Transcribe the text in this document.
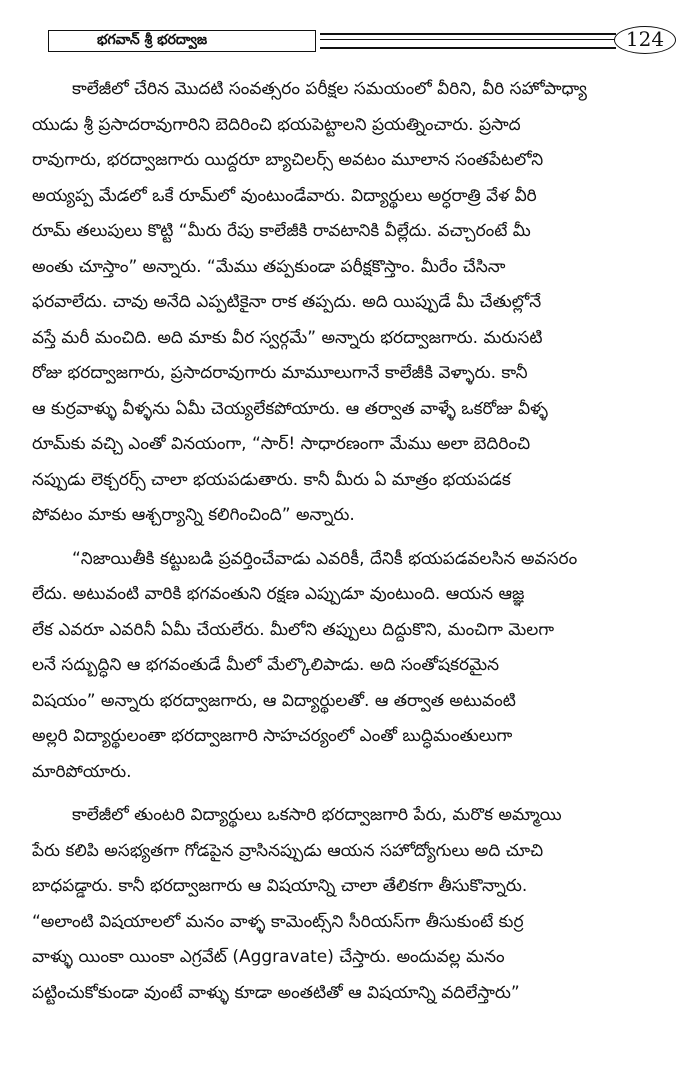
భగవాన్ శ్రీ భరద్వాజ	124
కాలేజీలో చేరిన మొదటి సంవత్సరం పరీక్షల సమయంలో వీరిని, వీరి సహోపాధ్యా
యుడు శ్రీ ప్రసాదరావుగారిని బెదిరించి భయపెట్టాలని ప్రయత్నించారు. ప్రసాద
రావుగారు, భరద్వాజగారు యిద్దరూ బ్యాచిలర్స్ అవటం మూలాన సంతపేటలోని
అయ్యప్ప మేడలో ఒకే రూమ్‌లో వుంటుండేవారు. విద్యార్థులు అర్ధరాత్రి వేళ వీరి
రూమ్ తలుపులు కొట్టి “మీరు రేపు కాలేజీకి రావటానికి వీల్లేదు. వచ్చారంటే మీ
అంతు చూస్తాం” అన్నారు. “మేము తప్పకుండా పరీక్షకొస్తాం. మీరేం చేసినా
ఫరవాలేదు. చావు అనేది ఎప్పటికైనా రాక తప్పదు. అది యిప్పుడే మీ చేతుల్లోనే
వస్తే మరీ మంచిది. అది మాకు వీర స్వర్గమే” అన్నారు భరద్వాజగారు. మరుసటి
రోజు భరద్వాజగారు, ప్రసాదరావుగారు మామూలుగానే కాలేజీకి వెళ్ళారు. కానీ
ఆ కుర్రవాళ్ళు వీళ్ళను ఏమీ చెయ్యలేకపోయారు. ఆ తర్వాత వాళ్ళే ఒకరోజు వీళ్ళ
రూమ్‌కు వచ్చి ఎంతో వినయంగా, “సార్! సాధారణంగా మేము అలా బెదిరించి
నప్పుడు లెక్చరర్స్ చాలా భయపడుతారు. కానీ మీరు ఏ మాత్రం భయపడక
పోవటం మాకు ఆశ్చర్యాన్ని కలిగించింది” అన్నారు.
“నిజాయితీకి కట్టుబడి ప్రవర్తించేవాడు ఎవరికీ, దేనికీ భయపడవలసిన అవసరం
లేదు. అటువంటి వారికి భగవంతుని రక్షణ ఎప్పుడూ వుంటుంది. ఆయన ఆజ్ఞ
లేక ఎవరూ ఎవరినీ ఏమీ చేయలేరు. మీలోని తప్పులు దిద్దుకొని, మంచిగా మెలగా
లనే సద్బుద్ధిని ఆ భగవంతుడే మీలో మేల్కొలిపాడు. అది సంతోషకరమైన
విషయం” అన్నారు భరద్వాజగారు, ఆ విద్యార్థులతో. ఆ తర్వాత అటువంటి
అల్లరి విద్యార్థులంతా భరద్వాజగారి సాహచర్యంలో ఎంతో బుద్ధిమంతులుగా
మారిపోయారు.
కాలేజీలో తుంటరి విద్యార్థులు ఒకసారి భరద్వాజగారి పేరు, మరొక అమ్మాయి
పేరు కలిపి అసభ్యతగా గోడపైన వ్రాసినప్పుడు ఆయన సహోద్యోగులు అది చూచి
బాధపడ్డారు. కానీ భరద్వాజగారు ఆ విషయాన్ని చాలా తేలికగా తీసుకొన్నారు.
“అలాంటి విషయాలలో మనం వాళ్ళ కామెంట్స్‌ని సీరియస్‌గా తీసుకుంటే కుర్ర
వాళ్ళు యింకా యింకా ఎగ్రవేట్ (Aggravate) చేస్తారు. అందువల్ల మనం
పట్టించుకోకుండా వుంటే వాళ్ళు కూడా అంతటితో ఆ విషయాన్ని వదిలేస్తారు”
